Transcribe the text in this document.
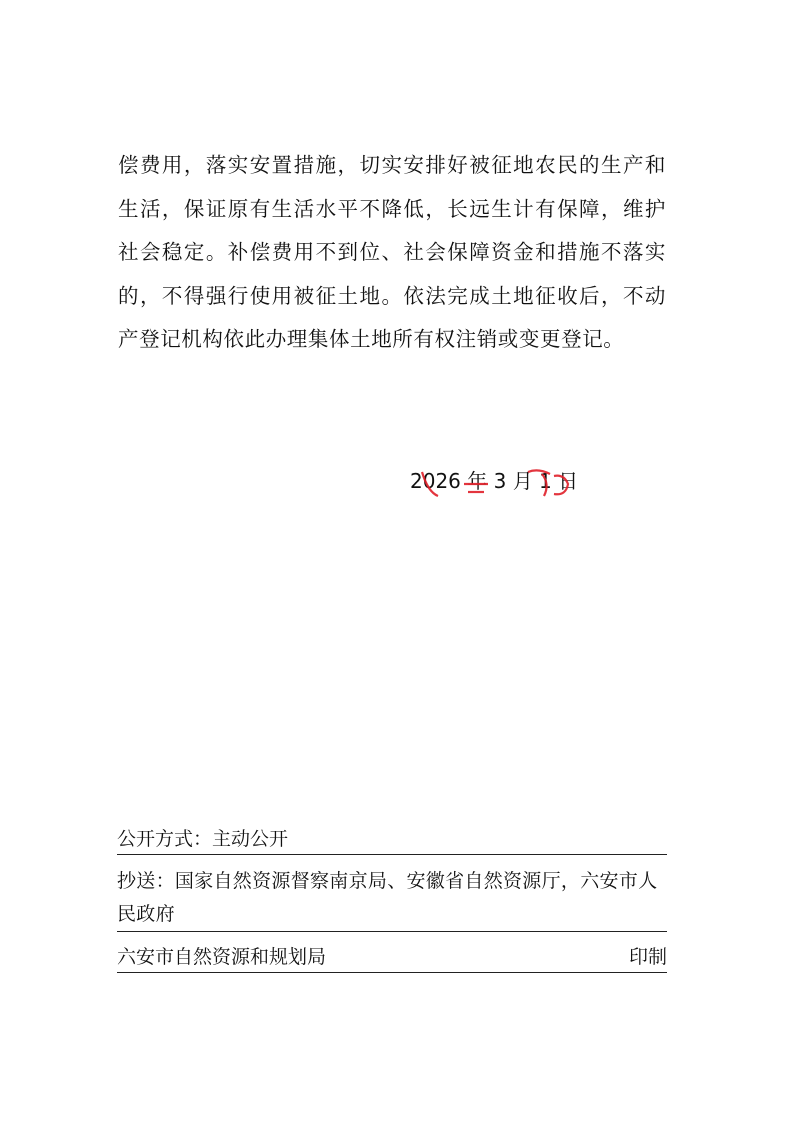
偿费用，落实安置措施，切实安排好被征地农民的生产和生活，保证原有生活水平不降低，长远生计有保障，维护社会稳定。补偿费用不到位、社会保障资金和措施不落实的，不得强行使用被征土地。依法完成土地征收后，不动产登记机构依此办理集体土地所有权注销或变更登记。
2026 年 3 月 1 日
公开方式：主动公开
抄送：国家自然资源督察南京局、安徽省自然资源厅，六安市人民政府
六安市自然资源和规划局	印制
